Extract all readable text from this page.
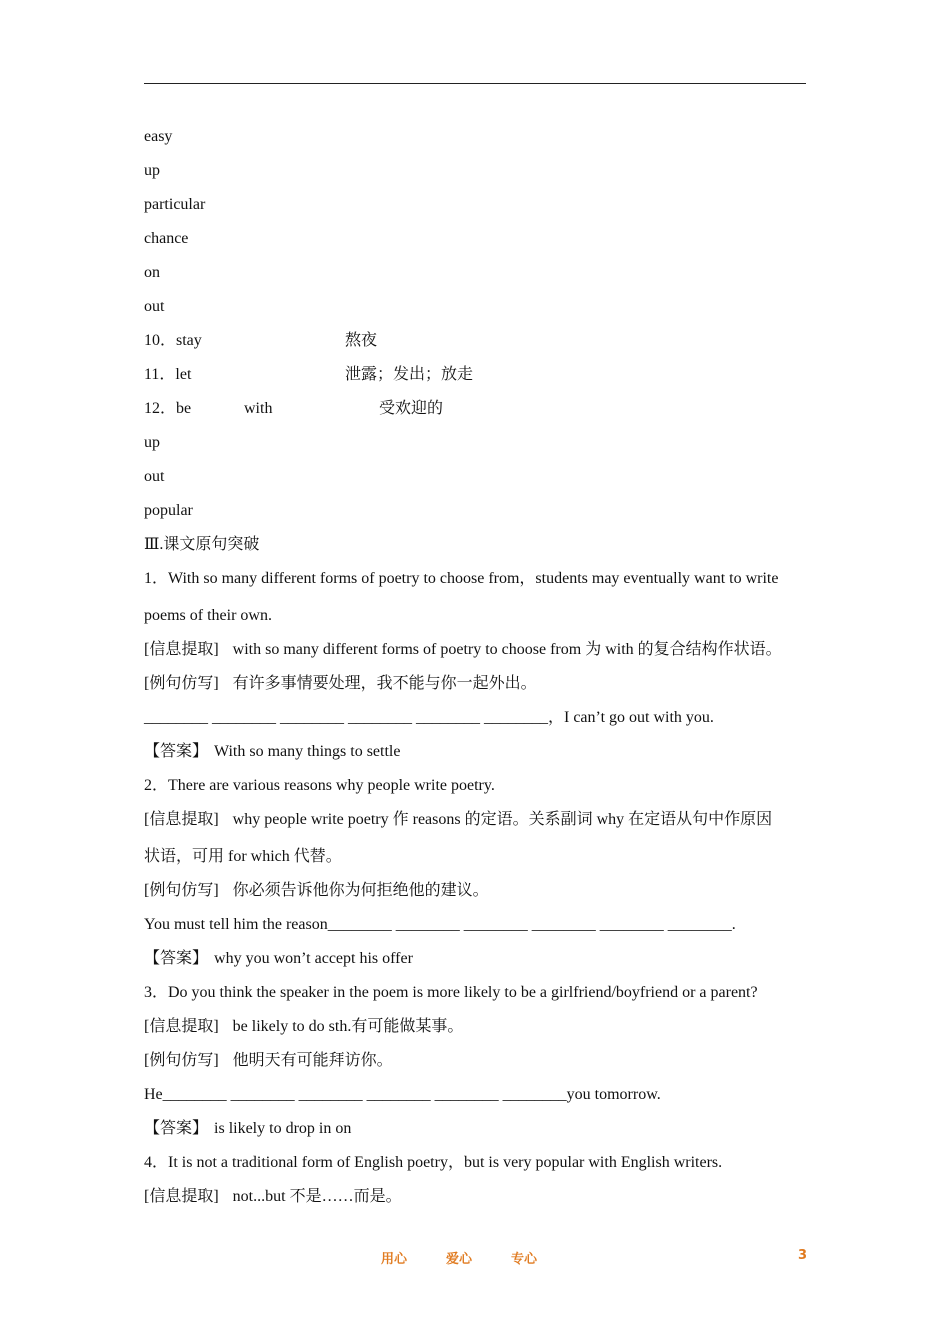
easy
up
particular
chance
on
out
10．stay	熬夜
11．let	泄露；发出；放走
12．be	with	受欢迎的
up
out
popular
Ⅲ.课文原句突破
1．With so many different forms of poetry to choose from，students may eventually want to write
poems of their own.
[信息提取] with so many different forms of poetry to choose from 为 with 的复合结构作状语。
[例句仿写] 有许多事情要处理，我不能与你一起外出。
________ ________ ________ ________ ________ ________，I can’t go out with you.
【答案】 With so many things to settle
2．There are various reasons why people write poetry.
[信息提取] why people write poetry 作 reasons 的定语。关系副词 why 在定语从句中作原因
状语，可用 for which 代替。
[例句仿写] 你必须告诉他你为何拒绝他的建议。
You must tell him the reason________ ________ ________ ________ ________ ________.
【答案】 why you won’t accept his offer
3．Do you think the speaker in the poem is more likely to be a girlfriend/boyfriend or a parent?
[信息提取] be likely to do sth.有可能做某事。
[例句仿写] 他明天有可能拜访你。
He________ ________ ________ ________ ________ ________you tomorrow.
【答案】 is likely to drop in on
4．It is not a traditional form of English poetry，but is very popular with English writers.
[信息提取] not...but 不是……而是。
用心	爱心	专心	3
